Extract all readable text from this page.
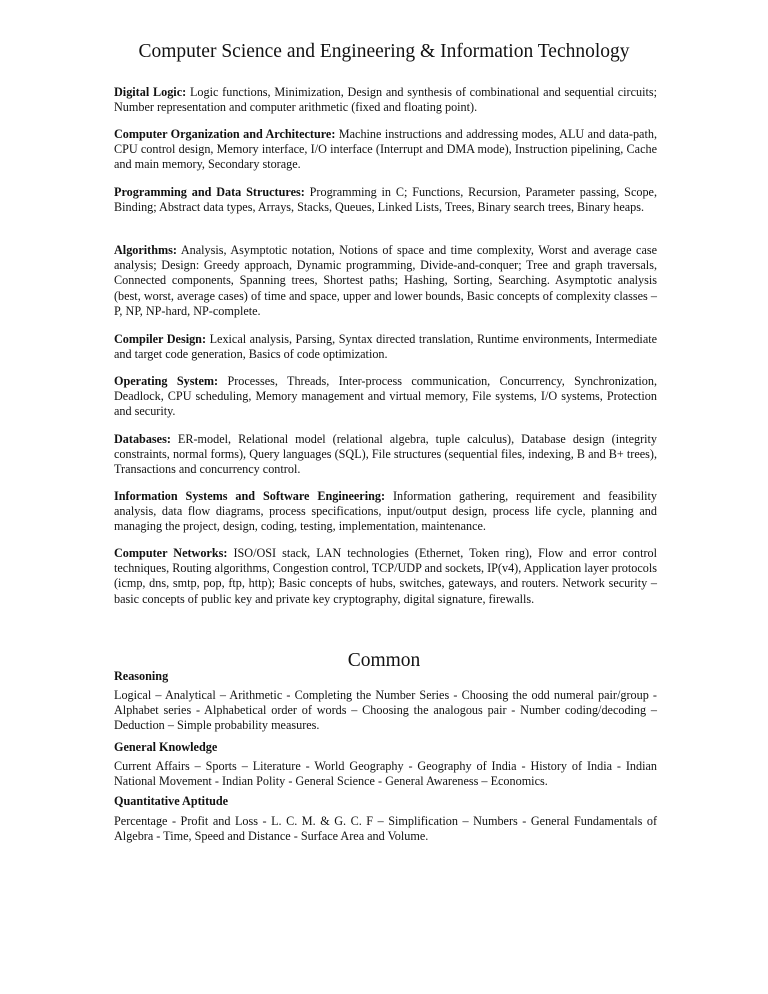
Computer Science and Engineering & Information Technology

Digital Logic: Logic functions, Minimization, Design and synthesis of combinational and sequential circuits; Number representation and computer arithmetic (fixed and floating point).

Computer Organization and Architecture: Machine instructions and addressing modes, ALU and data-path, CPU control design, Memory interface, I/O interface (Interrupt and DMA mode), Instruction pipelining, Cache and main memory, Secondary storage.

Programming and Data Structures: Programming in C; Functions, Recursion, Parameter passing, Scope, Binding; Abstract data types, Arrays, Stacks, Queues, Linked Lists, Trees, Binary search trees, Binary heaps.

Algorithms: Analysis, Asymptotic notation, Notions of space and time complexity, Worst and average case analysis; Design: Greedy approach, Dynamic programming, Divide-and-conquer; Tree and graph traversals, Connected components, Spanning trees, Shortest paths; Hashing, Sorting, Searching. Asymptotic analysis (best, worst, average cases) of time and space, upper and lower bounds, Basic concepts of complexity classes – P, NP, NP-hard, NP-complete.

Compiler Design: Lexical analysis, Parsing, Syntax directed translation, Runtime environments, Intermediate and target code generation, Basics of code optimization.

Operating System: Processes, Threads, Inter-process communication, Concurrency, Synchronization, Deadlock, CPU scheduling, Memory management and virtual memory, File systems, I/O systems, Protection and security.

Databases: ER-model, Relational model (relational algebra, tuple calculus), Database design (integrity constraints, normal forms), Query languages (SQL), File structures (sequential files, indexing, B and B+ trees), Transactions and concurrency control.

Information Systems and Software Engineering: Information gathering, requirement and feasibility analysis, data flow diagrams, process specifications, input/output design, process life cycle, planning and managing the project, design, coding, testing, implementation, maintenance.

Computer Networks: ISO/OSI stack, LAN technologies (Ethernet, Token ring), Flow and error control techniques, Routing algorithms, Congestion control, TCP/UDP and sockets, IP(v4), Application layer protocols (icmp, dns, smtp, pop, ftp, http); Basic concepts of hubs, switches, gateways, and routers. Network security – basic concepts of public key and private key cryptography, digital signature, firewalls.

Common

Reasoning

Logical – Analytical – Arithmetic - Completing the Number Series - Choosing the odd numeral pair/group - Alphabet series - Alphabetical order of words – Choosing the analogous pair - Number coding/decoding – Deduction – Simple probability measures.

General Knowledge

Current Affairs – Sports – Literature - World Geography - Geography of India - History of India - Indian National Movement - Indian Polity - General Science - General Awareness – Economics.

Quantitative Aptitude

Percentage - Profit and Loss - L. C. M. & G. C. F – Simplification – Numbers - General Fundamentals of Algebra - Time, Speed and Distance - Surface Area and Volume.
